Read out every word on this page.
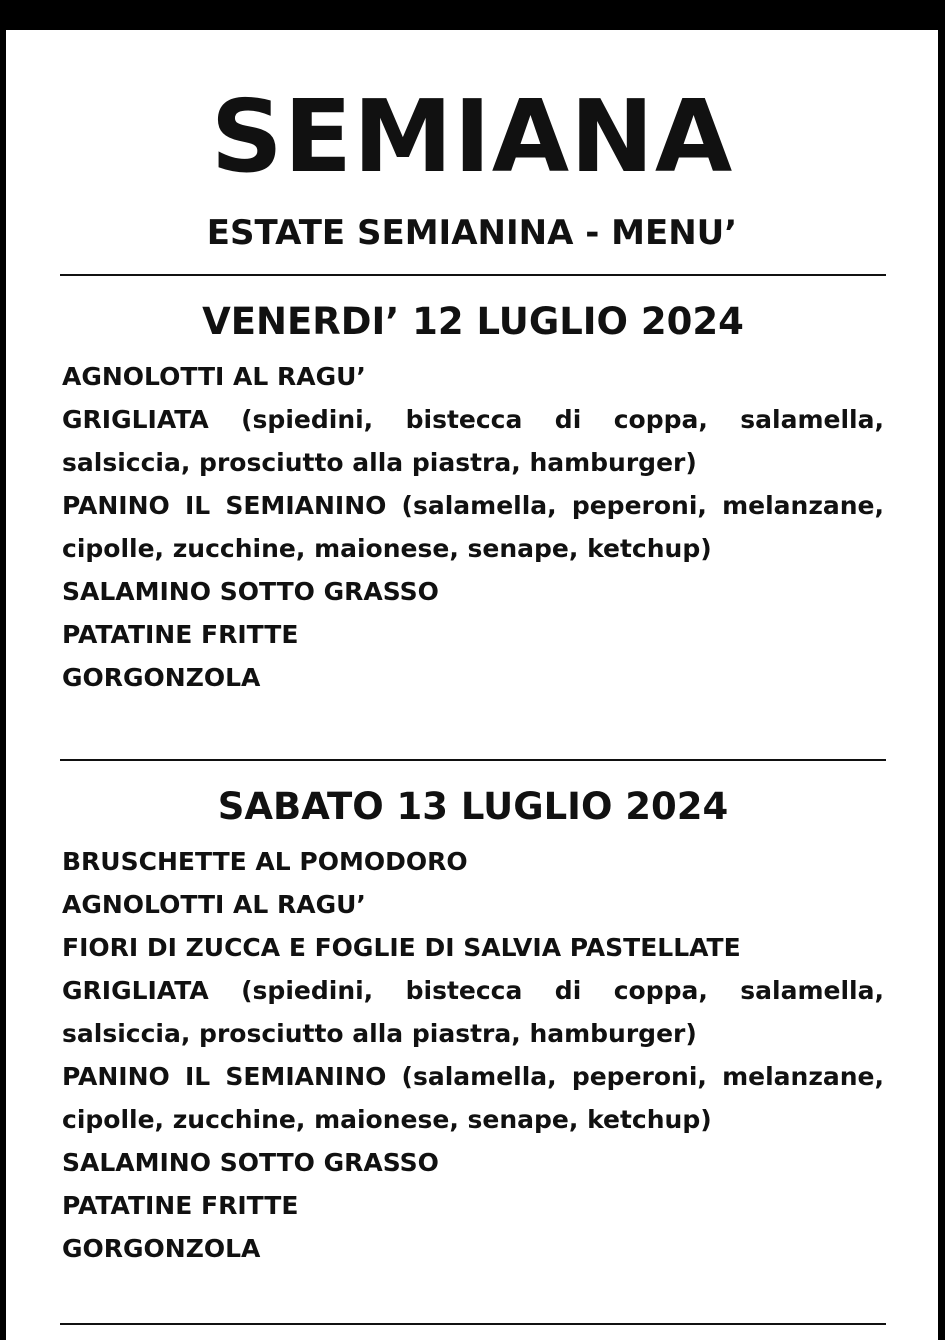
SEMIANA
ESTATE SEMIANINA - MENU’
VENERDI’ 12 LUGLIO 2024
AGNOLOTTI AL RAGU’
GRIGLIATA (spiedini, bistecca di coppa, salamella, salsiccia, prosciutto alla piastra, hamburger)
PANINO IL SEMIANINO (salamella, peperoni, melanzane, cipolle, zucchine, maionese, senape, ketchup)
SALAMINO SOTTO GRASSO
PATATINE FRITTE
GORGONZOLA
SABATO 13 LUGLIO 2024
BRUSCHETTE AL POMODORO
AGNOLOTTI AL RAGU’
FIORI DI ZUCCA E FOGLIE DI SALVIA PASTELLATE
GRIGLIATA (spiedini, bistecca di coppa, salamella, salsiccia, prosciutto alla piastra, hamburger)
PANINO IL SEMIANINO (salamella, peperoni, melanzane, cipolle, zucchine, maionese, senape, ketchup)
SALAMINO SOTTO GRASSO
PATATINE FRITTE
GORGONZOLA
